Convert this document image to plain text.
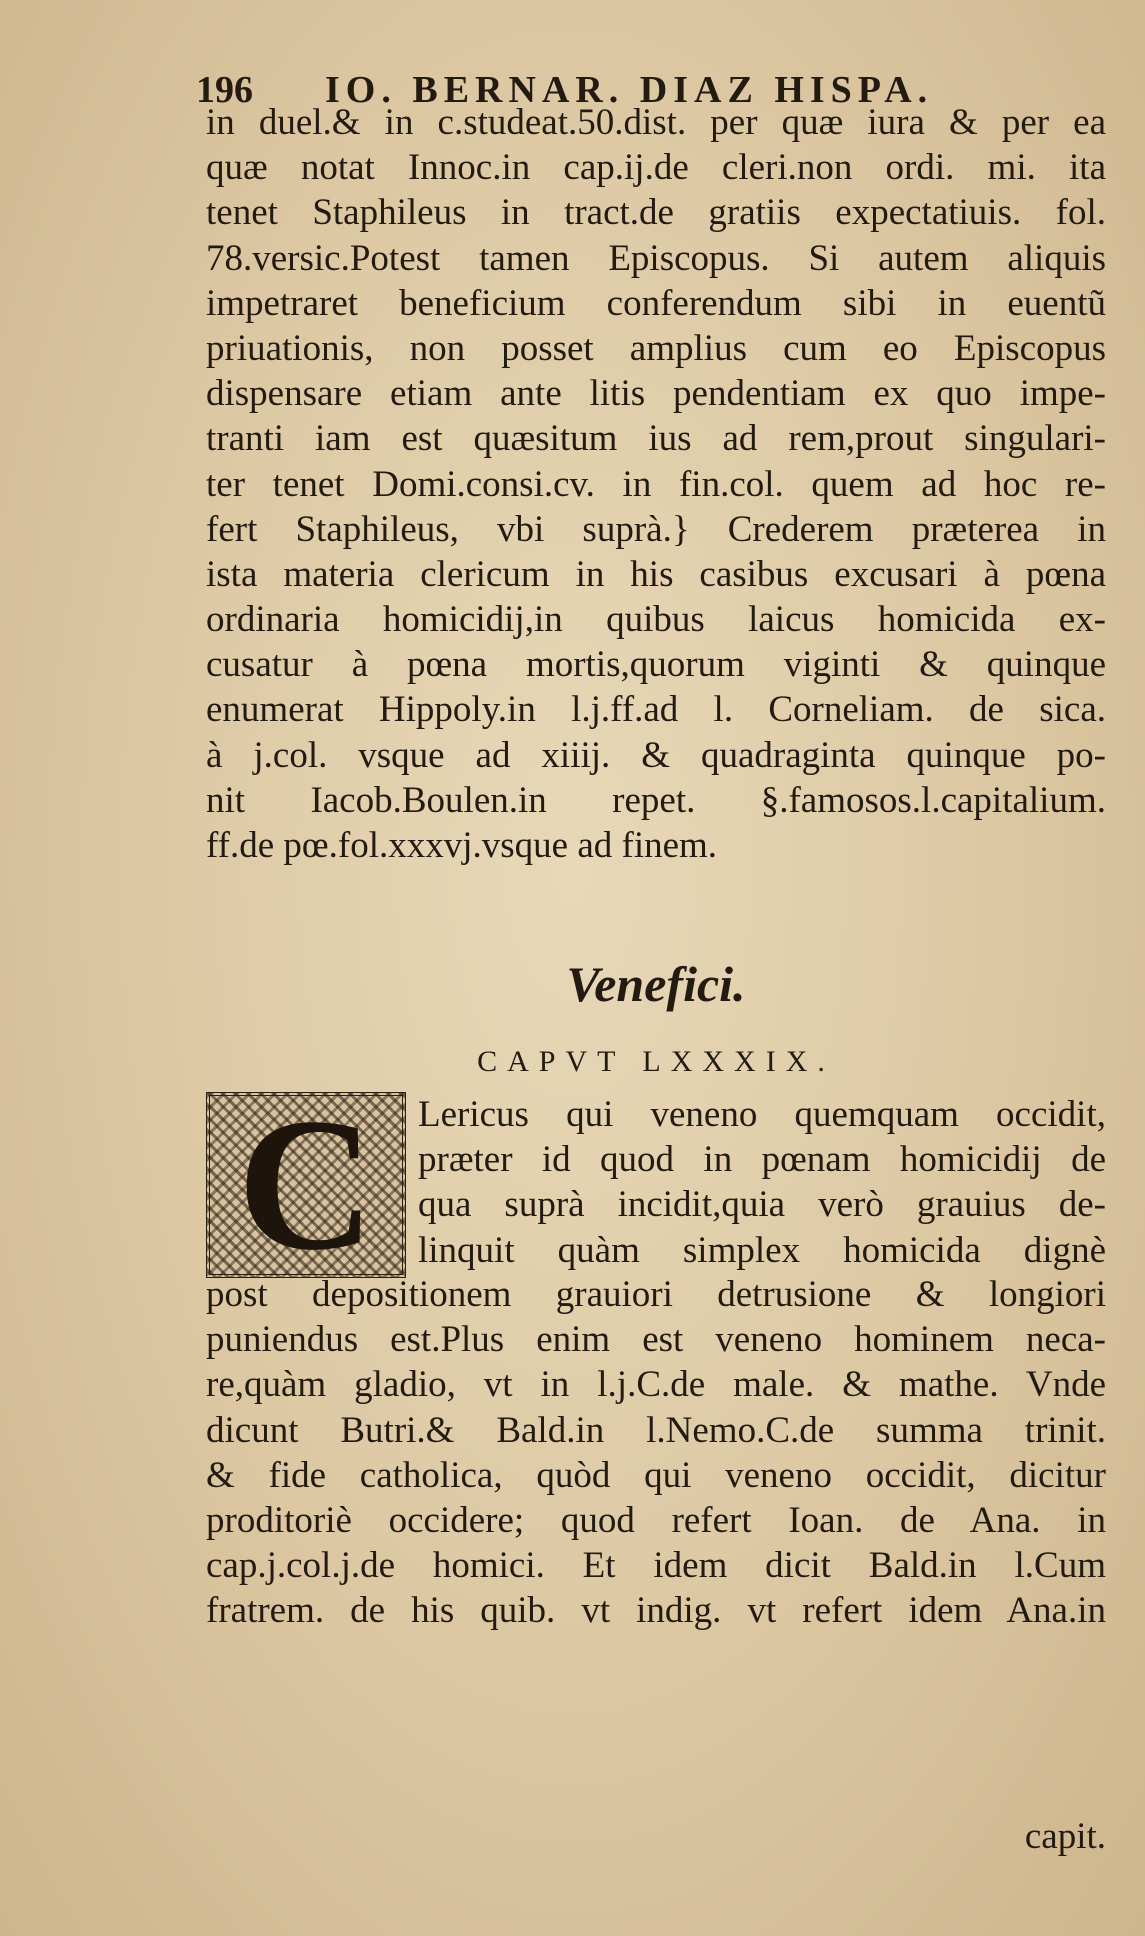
196 IO. BERNAR. DIAZ HISPA.
in duel.& in c.studeat.50.dist. per quæ iura & per ea
quæ notat Innoc.in cap.ij.de cleri.non ordi. mi. ita
tenet Staphileus in tract.de gratiis expectatiuis. fol.
78.versic.Potest tamen Episcopus. Si autem aliquis
impetraret beneficium conferendum sibi in euentũ
priuationis, non posset amplius cum eo Episcopus
dispensare etiam ante litis pendentiam ex quo impe-
tranti iam est quæsitum ius ad rem,prout singulari-
ter tenet Domi.consi.cv. in fin.col. quem ad hoc re-
fert Staphileus, vbi suprà.} Crederem præterea in
ista materia clericum in his casibus excusari à pœna
ordinaria homicidij,in quibus laicus homicida ex-
cusatur à pœna mortis,quorum viginti & quinque
enumerat Hippoly.in l.j.ff.ad l. Corneliam. de sica.
à j.col. vsque ad xiiij. & quadraginta quinque po-
nit Iacob.Boulen.in repet. §.famosos.l.capitalium.
ff.de pœ.fol.xxxvj.vsque ad finem.
Venefici.
CAPVT LXXXIX.
C	Lericus qui veneno quemquam occidit,
præter id quod in pœnam homicidij de
qua suprà incidit,quia verò grauius de-
linquit quàm simplex homicida dignè
post depositionem grauiori detrusione & longiori
puniendus est.Plus enim est veneno hominem neca-
re,quàm gladio, vt in l.j.C.de male. & mathe. Vnde
dicunt Butri.& Bald.in l.Nemo.C.de summa trinit.
& fide catholica, quòd qui veneno occidit, dicitur
proditoriè occidere; quod refert Ioan. de Ana. in
cap.j.col.j.de homici. Et idem dicit Bald.in l.Cum
fratrem. de his quib. vt indig. vt refert idem Ana.in
capit.
